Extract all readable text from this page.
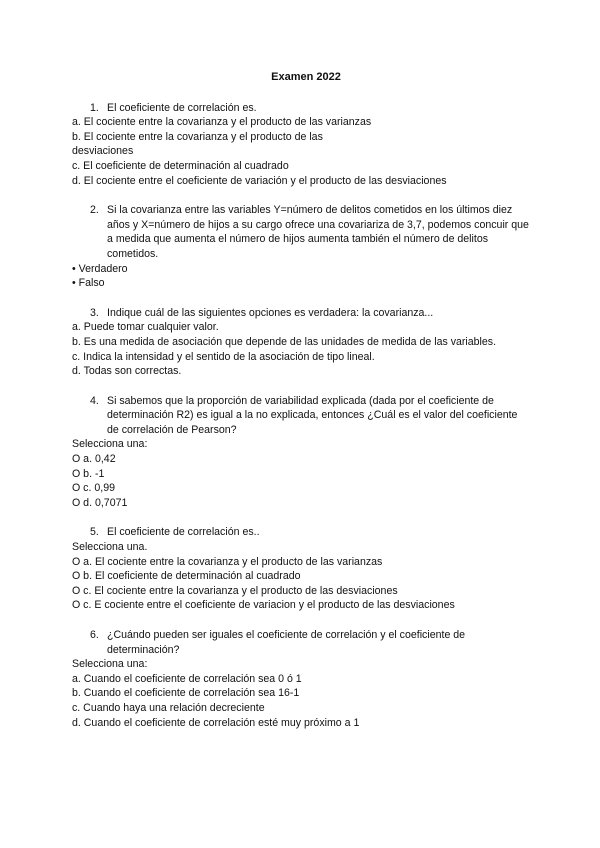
Examen 2022
1. El coeficiente de correlación es.
a. El cociente entre la covarianza y el producto de las varianzas
b. El cociente entre la covarianza y el producto de las
desviaciones
c. El coeficiente de determinación al cuadrado
d. El cociente entre el coeficiente de variación y el producto de las desviaciones
2. Si la covarianza entre las variables Y=número de delitos cometidos en los últimos diez años y X=número de hijos a su cargo ofrece una covariariza de 3,7, podemos concuir que a medida que aumenta el número de hijos aumenta también el número de delitos cometidos.
• Verdadero
• Falso
3. Indique cuál de las siguientes opciones es verdadera: la covarianza...
a. Puede tomar cualquier valor.
b. Es una medida de asociación que depende de las unidades de medida de las variables.
c. Indica la intensidad y el sentido de la asociación de tipo lineal.
d. Todas son correctas.
4. Si sabemos que la proporción de variabilidad explicada (dada por el coeficiente de determinación R2) es igual a la no explicada, entonces ¿Cuál es el valor del coeficiente de correlación de Pearson?
Selecciona una:
O a. 0,42
O b. -1
O c. 0,99
O d. 0,7071
5. El coeficiente de correlación es..
Selecciona una.
O a. El cociente entre la covarianza y el producto de las varianzas
O b. El coeficiente de determinación al cuadrado
O c. El cociente entre la covarianza y el producto de las desviaciones
O c. E cociente entre el coeficiente de variacion y el producto de las desviaciones
6. ¿Cuándo pueden ser iguales el coeficiente de correlación y el coeficiente de determinación?
Selecciona una:
a. Cuando el coeficiente de correlación sea 0 ó 1
b. Cuando el coeficiente de correlación sea 16-1
c. Cuando haya una relación decreciente
d. Cuando el coeficiente de correlación esté muy próximo a 1
